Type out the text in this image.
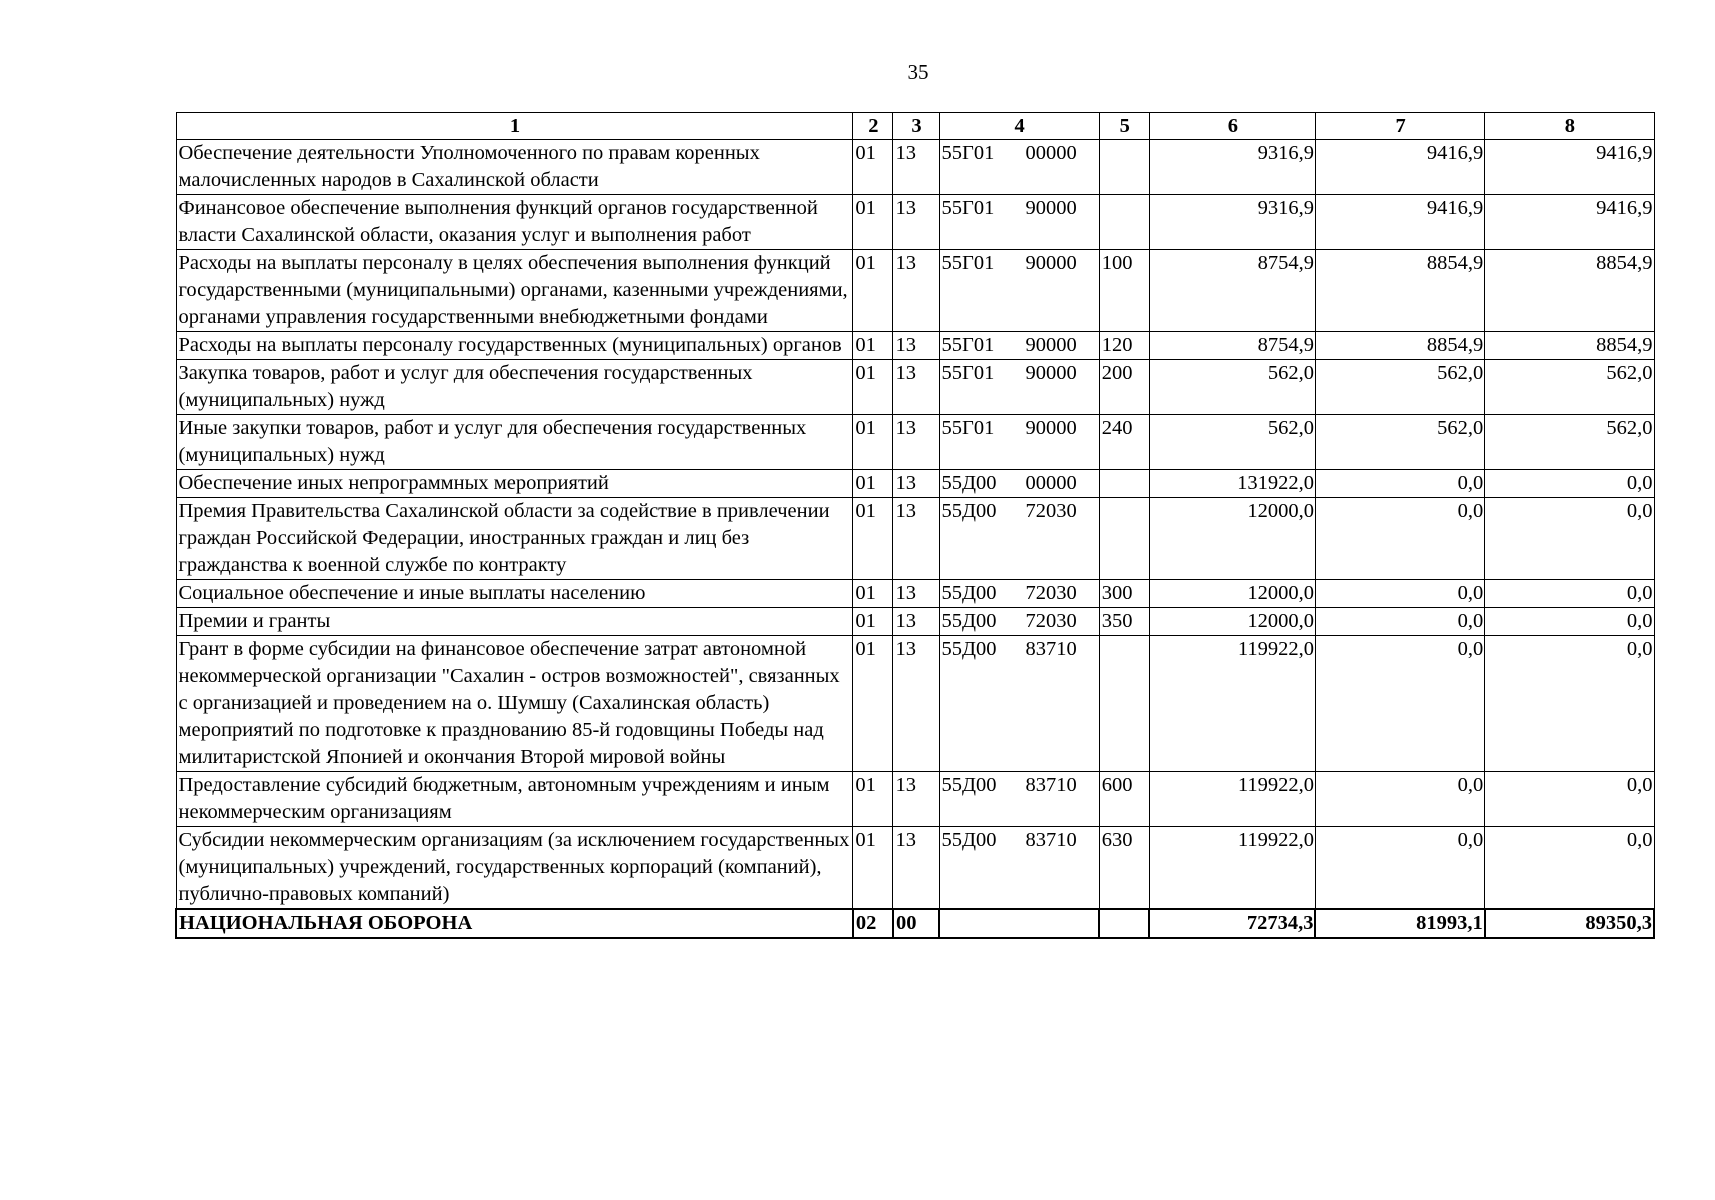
35
1	2	3	4	5	6	7	8
Обеспечение деятельности Уполномоченного по правам коренных малочисленных народов в Сахалинской области	01	13	55Г01 00000		9316,9	9416,9	9416,9
Финансовое обеспечение выполнения функций органов государственной власти Сахалинской области, оказания услуг и выполнения работ	01	13	55Г01 90000		9316,9	9416,9	9416,9
Расходы на выплаты персоналу в целях обеспечения выполнения функций государственными (муниципальными) органами, казенными учреждениями, органами управления государственными внебюджетными фондами	01	13	55Г01 90000	100	8754,9	8854,9	8854,9
Расходы на выплаты персоналу государственных (муниципальных) органов	01	13	55Г01 90000	120	8754,9	8854,9	8854,9
Закупка товаров, работ и услуг для обеспечения государственных (муниципальных) нужд	01	13	55Г01 90000	200	562,0	562,0	562,0
Иные закупки товаров, работ и услуг для обеспечения государственных (муниципальных) нужд	01	13	55Г01 90000	240	562,0	562,0	562,0
Обеспечение иных непрограммных мероприятий	01	13	55Д00 00000		131922,0	0,0	0,0
Премия Правительства Сахалинской области за содействие в привлечении граждан Российской Федерации, иностранных граждан и лиц без гражданства к военной службе по контракту	01	13	55Д00 72030		12000,0	0,0	0,0
Социальное обеспечение и иные выплаты населению	01	13	55Д00 72030	300	12000,0	0,0	0,0
Премии и гранты	01	13	55Д00 72030	350	12000,0	0,0	0,0
Грант в форме субсидии на финансовое обеспечение затрат автономной некоммерческой организации "Сахалин - остров возможностей", связанных с организацией и проведением на о. Шумшу (Сахалинская область) мероприятий по подготовке к празднованию 85-й годовщины Победы над милитаристской Японией и окончания Второй мировой войны	01	13	55Д00 83710		119922,0	0,0	0,0
Предоставление субсидий бюджетным, автономным учреждениям и иным некоммерческим организациям	01	13	55Д00 83710	600	119922,0	0,0	0,0
Субсидии некоммерческим организациям (за исключением государственных (муниципальных) учреждений, государственных корпораций (компаний), публично-правовых компаний)	01	13	55Д00 83710	630	119922,0	0,0	0,0
НАЦИОНАЛЬНАЯ ОБОРОНА	02	00			72734,3	81993,1	89350,3
